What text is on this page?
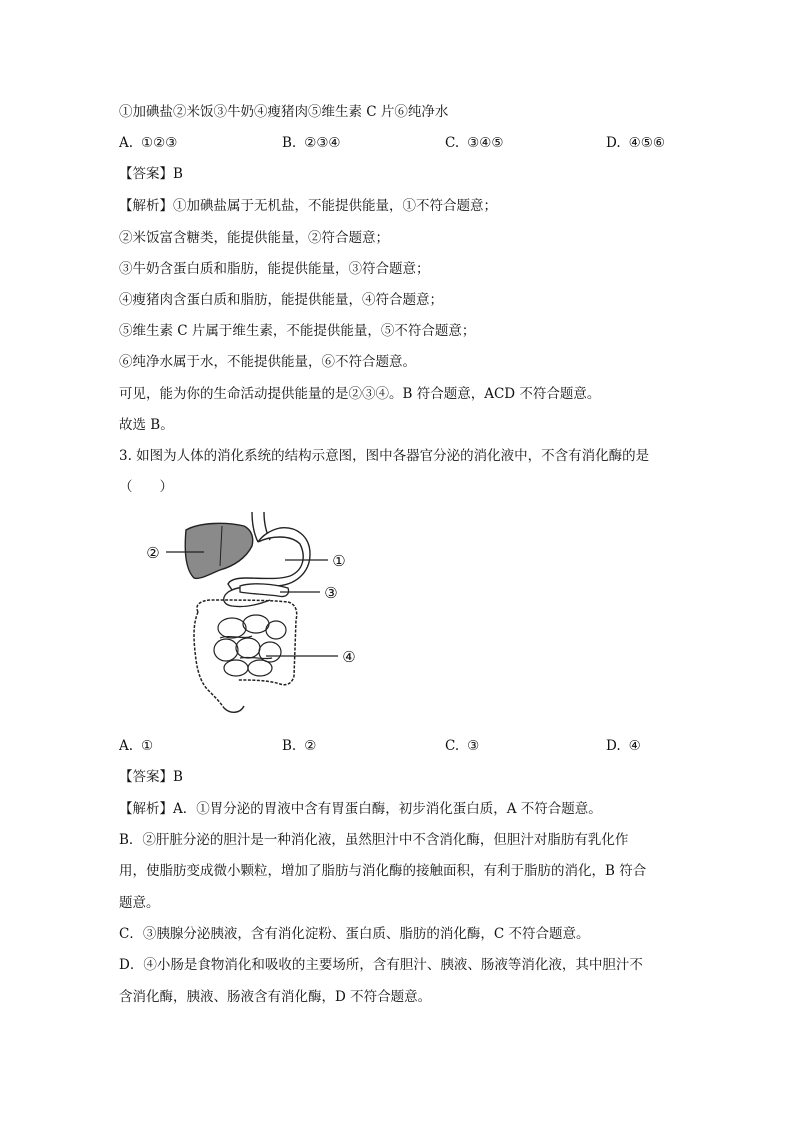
①加碘盐②米饭③牛奶④瘦猪肉⑤维生素 C 片⑥纯净水
A. ①②③	B. ②③④	C. ③④⑤	D. ④⑤⑥
【答案】B
【解析】①加碘盐属于无机盐，不能提供能量，①不符合题意；
②米饭富含糖类，能提供能量，②符合题意；
③牛奶含蛋白质和脂肪，能提供能量，③符合题意；
④瘦猪肉含蛋白质和脂肪，能提供能量，④符合题意；
⑤维生素 C 片属于维生素，不能提供能量，⑤不符合题意；
⑥纯净水属于水，不能提供能量，⑥不符合题意。
可见，能为你的生命活动提供能量的是②③④。B 符合题意，ACD 不符合题意。
故选 B。
3. 如图为人体的消化系统的结构示意图，图中各器官分泌的消化液中，不含有消化酶的是
（　　）
①
②
③
④
A. ①	B. ②	C. ③	D. ④
【答案】B
【解析】A．①胃分泌的胃液中含有胃蛋白酶，初步消化蛋白质，A 不符合题意。
B．②肝脏分泌的胆汁是一种消化液，虽然胆汁中不含消化酶，但胆汁对脂肪有乳化作
用，使脂肪变成微小颗粒，增加了脂肪与消化酶的接触面积，有利于脂肪的消化，B 符合
题意。
C．③胰腺分泌胰液，含有消化淀粉、蛋白质、脂肪的消化酶，C 不符合题意。
D．④小肠是食物消化和吸收的主要场所，含有胆汁、胰液、肠液等消化液，其中胆汁不
含消化酶，胰液、肠液含有消化酶，D 不符合题意。
